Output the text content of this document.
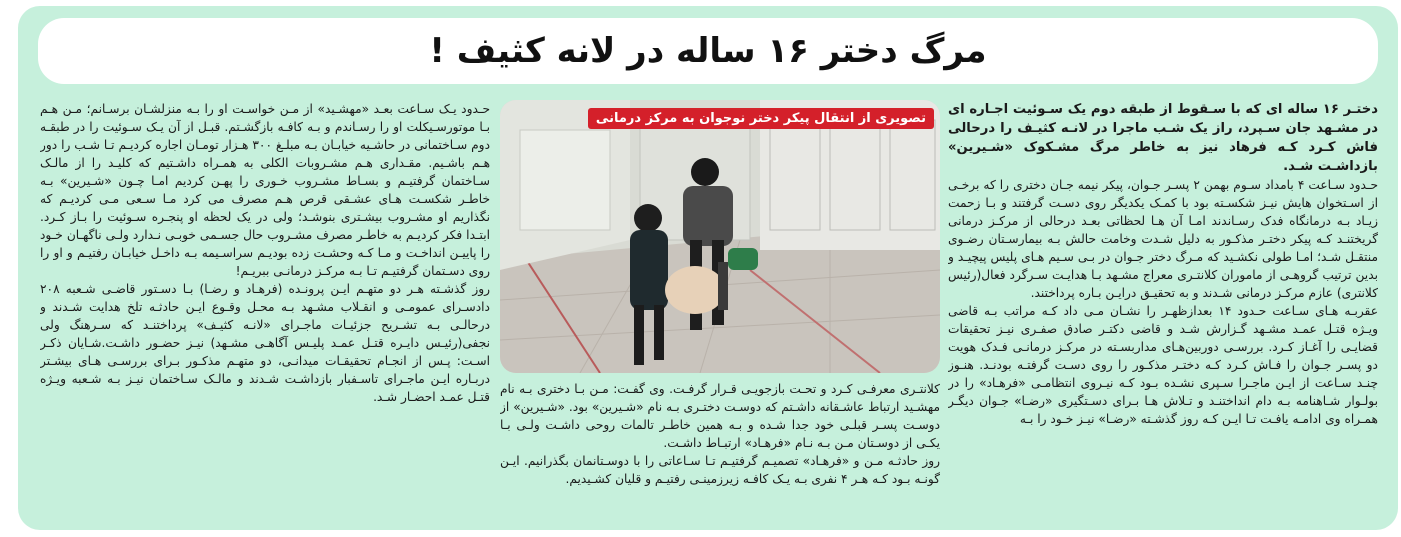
مرگ دختر ۱۶ ساله در لانه کثیف !

دختـر ۱۶ ساله ای که با سـقوط از طبقه دوم یک سـوئیت اجـاره ای در مشـهد جان سـپرد، راز یک شـب ماجرا در لانـه کثیـف را درحالی فاش کـرد کـه فرهاد نیز به خاطر مرگ مشـکوک «شـیرین» بازداشـت شـد.

حـدود سـاعت ۴ بامداد سـوم بهمن ۲ پسـر جـوان، پیکر نیمه جـان دختری را که برخـی از اسـتخوان هایش نیـز شکسـته بود با کمـک یکدیگر روی دسـت گرفتند و بـا زحمت زیـاد بـه درمانگاه فدک رسـاندند امـا آن هـا لحظاتی بعـد درحالی از مرکـز درمانی گریختنـد کـه پیکر دختـر مذکـور به دلیل شـدت وخامت حالش بـه بیمارسـتان رضـوی منتقـل شـد؛ امـا طولی نکشـید که مـرگ دختر جـوان در بـی سـیم هـای پلیس پیچیـد و بدین ترتیب گروهـی از ماموران کلانتـری معراج مشـهد بـا هدایـت سـرگرد فعال(رئیس کلانتری) عازم مرکـز درمانی شـدند و به تحقیـق درایـن بـاره پرداختند.

عقربـه هـای سـاعت حـدود ۱۴ بعدازظهـر را نشـان مـی داد کـه مراتب بـه قاضی ویـژه قتـل عمـد مشـهد گـزارش شـد و قاضی دکتـر صادق صفـری نیـز تحقیقات قضایـی را آغـاز کـرد. بررسـی دوربین‌هـای مداربسـته در مرکـز درمانـی فـدک هویت دو پسـر جـوان را فـاش کـرد کـه دختـر مذکـور را روی دسـت گرفتـه بودنـد. هنـوز چنـد سـاعت از ایـن ماجـرا سـپری نشـده بـود کـه نیـروی انتظامـی «فرهـاد» را در بولـوار شـاهنامه بـه دام انداختنـد و تـلاش هـا بـرای دسـتگیری «رضـا» جـوان دیگـر همـراه وی ادامـه یافـت تـا ایـن کـه روز گذشـته «رضـا» نیـز خـود را بـه

تصویری از انتقال پیکر دختر نوجوان به مرکز درمانی

کلانتـری معرفـی کـرد و تحـت بازجویـی قـرار گرفـت. وی گفـت: مـن بـا دختری بـه نام مهشـید ارتباط عاشـقانه داشـتم که دوسـت دختـری بـه نام «شـیرین» بود. «شـیرین» از دوسـت پسـر قبلـی خود جدا شـده و بـه همین خاطـر تالمات روحی داشـت ولـی بـا یکـی از دوسـتان مـن بـه نـام «فرهـاد» ارتبـاط داشـت.

روز حادثـه مـن و «فرهـاد» تصمیـم گرفتیـم تـا سـاعاتی را با دوسـتانمان بگذرانیم. ایـن گونـه بـود کـه هـر ۴ نفری بـه یـک کافـه زیرزمینـی رفتیـم و قلیان کشـیدیم.

حـدود یـک سـاعت بعـد «مهشـید» از مـن خواسـت او را بـه منزلشـان برسـانم؛ مـن هـم بـا موتورسـیکلت او را رسـاندم و بـه کافـه بازگشـتم. قبـل از آن یـک سـوئیت را در طبقـه دوم سـاختمانی در حاشـیه خیابـان بـه مبلـغ ۳۰۰ هـزار تومـان اجاره کردیـم تـا شـب را دور هـم باشـیم. مقـداری هـم مشـروبات الکلی به همـراه داشـتیم که کلیـد را از مالـک سـاختمان گرفتیـم و بسـاط مشـروب خـوری را پهـن کردیم امـا چـون «شـیرین» بـه خاطـر شکسـت هـای عشـقی قرص هـم مصرف می کرد مـا سـعی مـی کردیـم که نگذاریم او مشـروب بیشـتری بنوشـد؛ ولی در یک لحظه او پنجـره سـوئیت را بـاز کـرد. ابتـدا فکر کردیـم به خاطـر مصرف مشـروب حال جسـمی خوبـی نـدارد ولـی ناگهـان خـود را پاییـن انداخـت و مـا کـه وحشـت زده بودیـم سراسـیمه بـه داخـل خیابـان رفتیـم و او را روی دسـتمان گرفتیـم تـا بـه مرکـز درمانـی ببریـم!

روز گذشـته هـر دو متهـم ایـن پرونـده (فرهـاد و رضـا) بـا دسـتور قاضـی شـعبه ۲۰۸ دادسـرای عمومـی و انقـلاب مشـهد بـه محـل وقـوع ایـن حادثـه تلخ هدایت شـدند و درحالـی بـه تشـریح جزئیـات ماجـرای «لانـه کثیـف» پرداختنـد که سـرهنگ ولی نجفی(رئیـس دایـره قتـل عمـد پلیـس آگاهـی مشـهد) نیـز حضـور داشـت.شـایان ذکـر اسـت: پـس از انجـام تحقیقـات میدانـی، دو متهـم مذکـور بـرای بررسـی هـای بیشـتر دربـاره ایـن ماجـرای تاسـفبار بازداشـت شـدند و مالـک سـاختمان نیـز بـه شـعبه ویـژه قتـل عمـد احضـار شـد.
